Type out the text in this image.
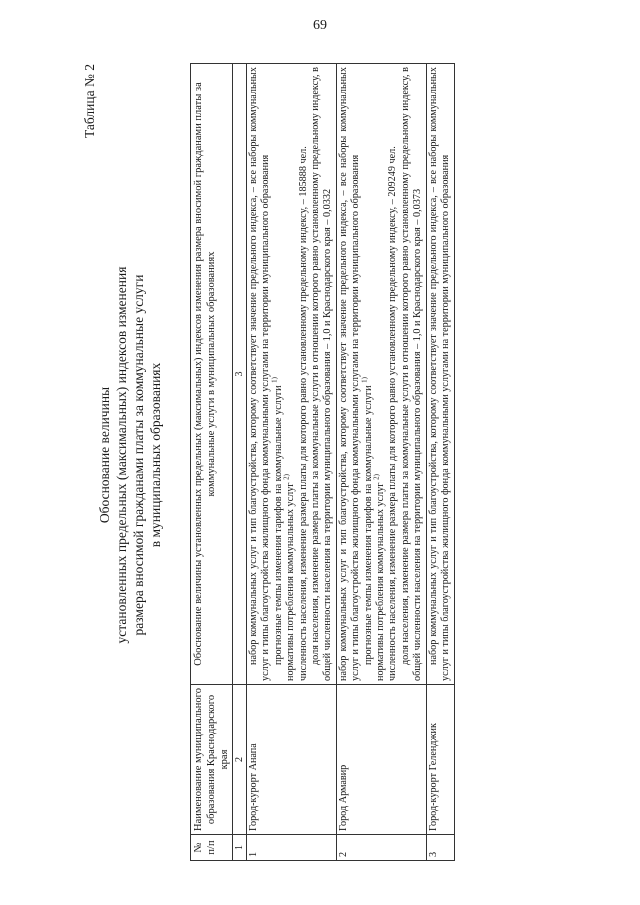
69
Таблица № 2
Обоснование величины установленных предельных (максимальных) индексов изменения размера вносимой гражданами платы за коммунальные услуги в муниципальных образованиях
№ п/п	Наименование муниципального образования Краснодарского края	Обоснование величины установленных предельных (максимальных) индексов изменения размера вносимой гражданами платы за коммунальные услуги в муниципальных образованиях
1	2	3
1	Город-курорт Анапа	набор коммунальных услуг и тип благоустройства, которому соответствует значение предельного индекса, – все наборы коммунальных услуг и типы благоустройства жилищного фонда коммунальными услугами на территории муниципального образования прогнозные темпы изменения тарифов на коммунальные услуги $^{1)}$
нормативы потребления коммунальных услуг $^{2)}$ численность населения, изменение размера платы для которого равно установленному предельному индексу, – 185888 чел. доля населения, изменение размера платы за коммунальные услуги в отношении которого равно установленному предельному индексу, в общей численности населения на территории муниципального образования – 1,0 и Краснодарского края – 0,0332

2	Город Армавир	набор коммунальных услуг и тип благоустройства, которому соответствует значение предельного индекса, – все наборы коммунальных услуг и типы благоустройства жилищного фонда коммунальными услугами на территории муниципального образования прогнозные темпы изменения тарифов на коммунальные услуги $^{1)}$
нормативы потребления коммунальных услуг $^{2)}$ численность населения, изменение размера платы для которого равно установленному предельному индексу, – 209249 чел. доля населения, изменение размера платы за коммунальные услуги в отношении которого равно установленному предельному индексу, в общей численности населения на территории муниципального образования – 1,0 и Краснодарского края – 0,0373

3	Город-курорт Геленджик	набор коммунальных услуг и тип благоустройства, которому соответствует значение предельного индекса, – все наборы коммунальных услуг и типы благоустройства жилищного фонда коммунальными услугами на территории муниципального образования
